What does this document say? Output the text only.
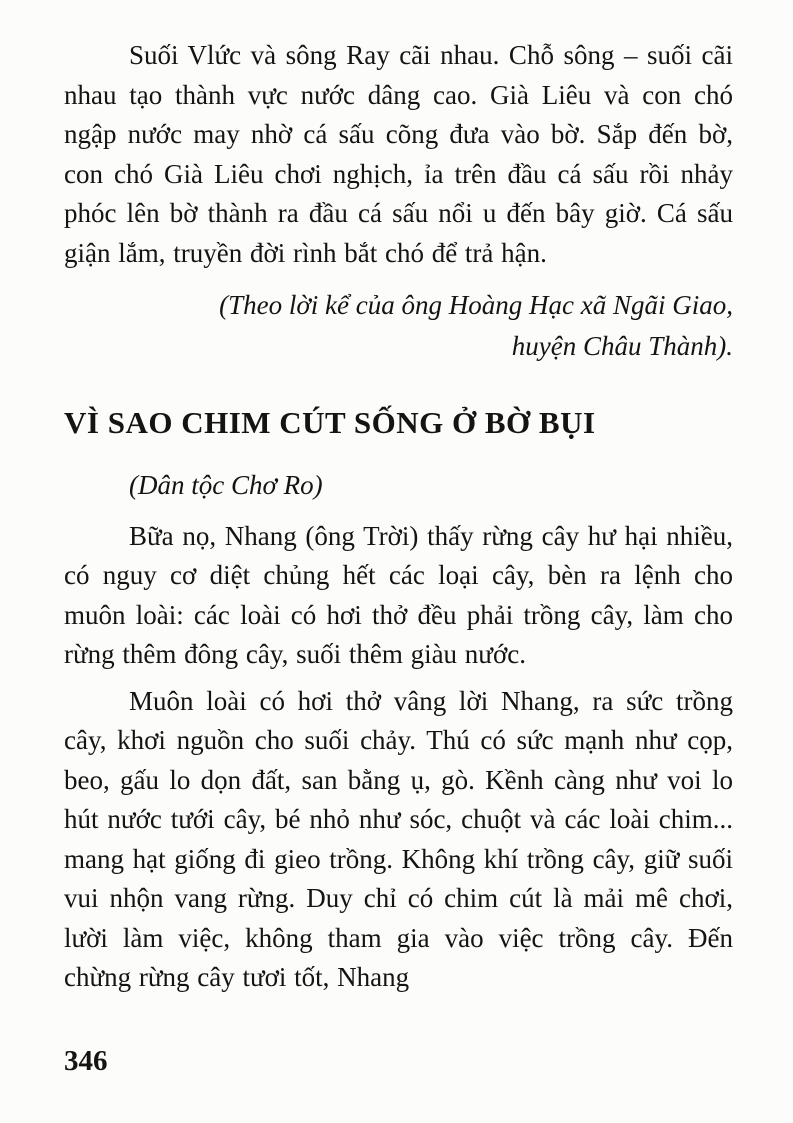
Suối Vlức và sông Ray cãi nhau. Chỗ sông – suối cãi nhau tạo thành vực nước dâng cao. Già Liêu và con chó ngập nước may nhờ cá sấu cõng đưa vào bờ. Sắp đến bờ, con chó Già Liêu chơi nghịch, ỉa trên đầu cá sấu rồi nhảy phóc lên bờ thành ra đầu cá sấu nổi u đến bây giờ. Cá sấu giận lắm, truyền đời rình bắt chó để trả hận.

(Theo lời kể của ông Hoàng Hạc xã Ngãi Giao,
huyện Châu Thành).
VÌ SAO CHIM CÚT SỐNG Ở BỜ BỤI
(Dân tộc Chơ Ro)

Bữa nọ, Nhang (ông Trời) thấy rừng cây hư hại nhiều, có nguy cơ diệt chủng hết các loại cây, bèn ra lệnh cho muôn loài: các loài có hơi thở đều phải trồng cây, làm cho rừng thêm đông cây, suối thêm giàu nước.

Muôn loài có hơi thở vâng lời Nhang, ra sức trồng cây, khơi nguồn cho suối chảy. Thú có sức mạnh như cọp, beo, gấu lo dọn đất, san bằng ụ, gò. Kềnh càng như voi lo hút nước tưới cây, bé nhỏ như sóc, chuột và các loài chim... mang hạt giống đi gieo trồng. Không khí trồng cây, giữ suối vui nhộn vang rừng. Duy chỉ có chim cút là mải mê chơi, lười làm việc, không tham gia vào việc trồng cây. Đến chừng rừng cây tươi tốt, Nhang

346
